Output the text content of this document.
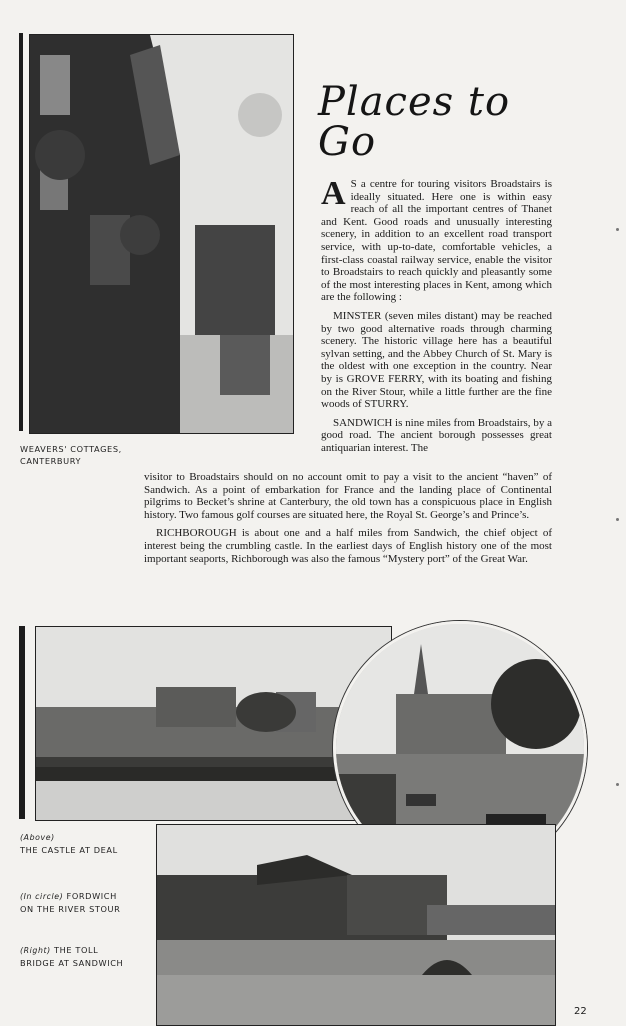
WEAVERS' COTTAGES,
CANTERBURY
Places to Go

A S a centre for touring visitors Broadstairs is ideally situated. Here one is within easy reach of all the important centres of Thanet and Kent. Good roads and unusually interesting scenery, in addition to an excellent road transport service, with up-to-date, comfortable vehicles, a first-class coastal railway service, enable the visitor to Broadstairs to reach quickly and pleasantly some of the most interesting places in Kent, among which are the following :

MINSTER (seven miles distant) may be reached by two good alternative roads through charming scenery. The historic village here has a beautiful sylvan setting, and the Abbey Church of St. Mary is the oldest with one exception in the country. Near by is GROVE FERRY, with its boating and fishing on the River Stour, while a little further are the fine woods of STURRY.

SANDWICH is nine miles from Broadstairs, by a good road. The ancient borough possesses great antiquarian interest. The

visitor to Broadstairs should on no account omit to pay a visit to the ancient “haven” of Sandwich. As a point of embarkation for France and the landing place of Continental pilgrims to Becket’s shrine at Canterbury, the old town has a conspicuous place in English history. Two famous golf courses are situated here, the Royal St. George’s and Prince’s.

RICHBOROUGH is about one and a half miles from Sandwich, the chief object of interest being the crumbling castle. In the earliest days of English history one of the most important seaports, Richborough was also the famous “Mystery port” of the Great War.

(Above)
THE CASTLE AT DEAL
(In circle) FORDWICH
ON THE RIVER STOUR
(Right) THE TOLL
BRIDGE AT SANDWICH
22
